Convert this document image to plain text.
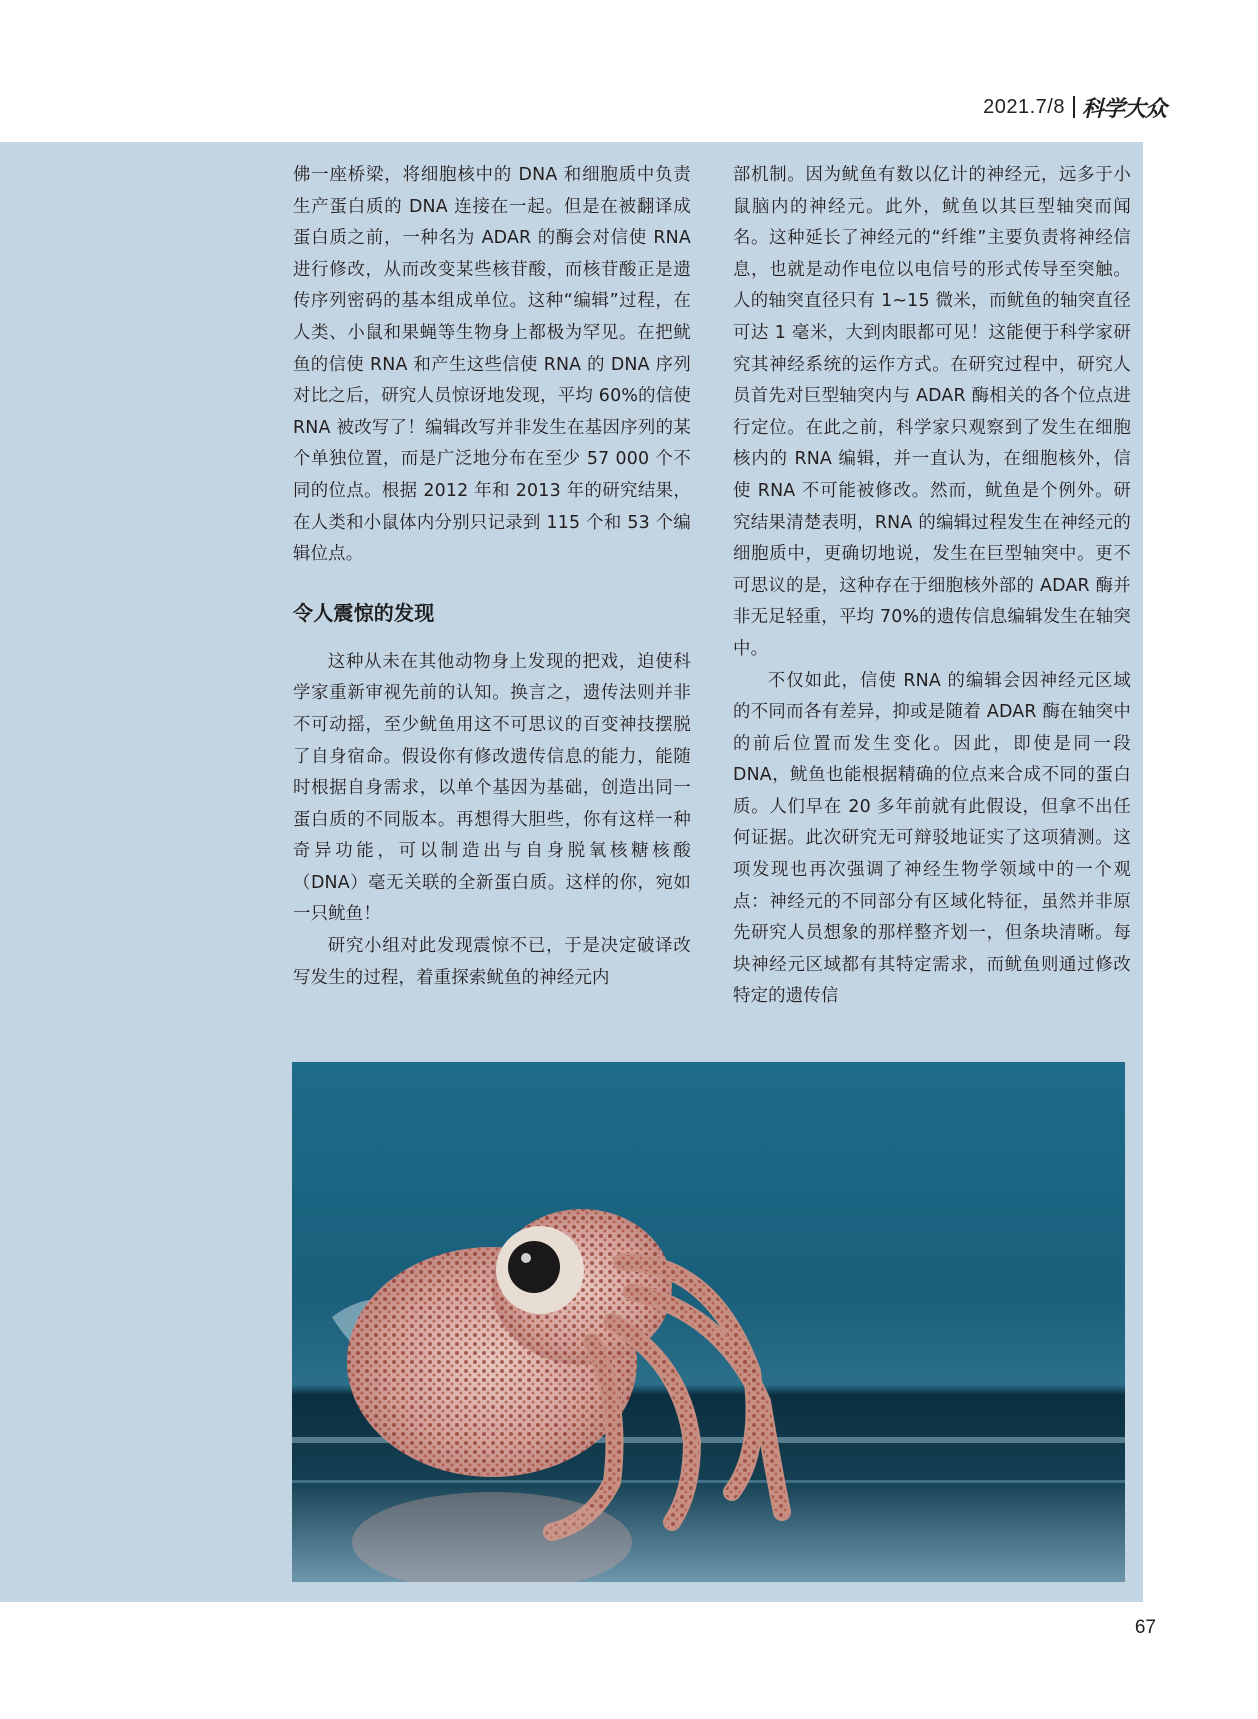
2021.7/8 科学大众

佛一座桥梁，将细胞核中的 DNA 和细胞质中负责生产蛋白质的 DNA 连接在一起。但是在被翻译成蛋白质之前，一种名为 ADAR 的酶会对信使 RNA 进行修改，从而改变某些核苷酸，而核苷酸正是遗传序列密码的基本组成单位。这种“编辑”过程，在人类、小鼠和果蝇等生物身上都极为罕见。在把鱿鱼的信使 RNA 和产生这些信使 RNA 的 DNA 序列对比之后，研究人员惊讶地发现，平均 60%的信使 RNA 被改写了！编辑改写并非发生在基因序列的某个单独位置，而是广泛地分布在至少 57 000 个不同的位点。根据 2012 年和 2013 年的研究结果，在人类和小鼠体内分别只记录到 115 个和 53 个编辑位点。

令人震惊的发现

这种从未在其他动物身上发现的把戏，迫使科学家重新审视先前的认知。换言之，遗传法则并非不可动摇，至少鱿鱼用这不可思议的百变神技摆脱了自身宿命。假设你有修改遗传信息的能力，能随时根据自身需求，以单个基因为基础，创造出同一蛋白质的不同版本。再想得大胆些，你有这样一种奇异功能，可以制造出与自身脱氧核糖核酸（DNA）毫无关联的全新蛋白质。这样的你，宛如一只鱿鱼！

研究小组对此发现震惊不已，于是决定破译改写发生的过程，着重探索鱿鱼的神经元内

部机制。因为鱿鱼有数以亿计的神经元，远多于小鼠脑内的神经元。此外，鱿鱼以其巨型轴突而闻名。这种延长了神经元的“纤维”主要负责将神经信息，也就是动作电位以电信号的形式传导至突触。人的轴突直径只有 1~15 微米，而鱿鱼的轴突直径可达 1 毫米，大到肉眼都可见！这能便于科学家研究其神经系统的运作方式。在研究过程中，研究人员首先对巨型轴突内与 ADAR 酶相关的各个位点进行定位。在此之前，科学家只观察到了发生在细胞核内的 RNA 编辑，并一直认为，在细胞核外，信使 RNA 不可能被修改。然而，鱿鱼是个例外。研究结果清楚表明，RNA 的编辑过程发生在神经元的细胞质中，更确切地说，发生在巨型轴突中。更不可思议的是，这种存在于细胞核外部的 ADAR 酶并非无足轻重，平均 70%的遗传信息编辑发生在轴突中。

不仅如此，信使 RNA 的编辑会因神经元区域的不同而各有差异，抑或是随着 ADAR 酶在轴突中的前后位置而发生变化。因此，即使是同一段 DNA，鱿鱼也能根据精确的位点来合成不同的蛋白质。人们早在 20 多年前就有此假设，但拿不出任何证据。此次研究无可辩驳地证实了这项猜测。这项发现也再次强调了神经生物学领域中的一个观点：神经元的不同部分有区域化特征，虽然并非原先研究人员想象的那样整齐划一，但条块清晰。每块神经元区域都有其特定需求，而鱿鱼则通过修改特定的遗传信

67
